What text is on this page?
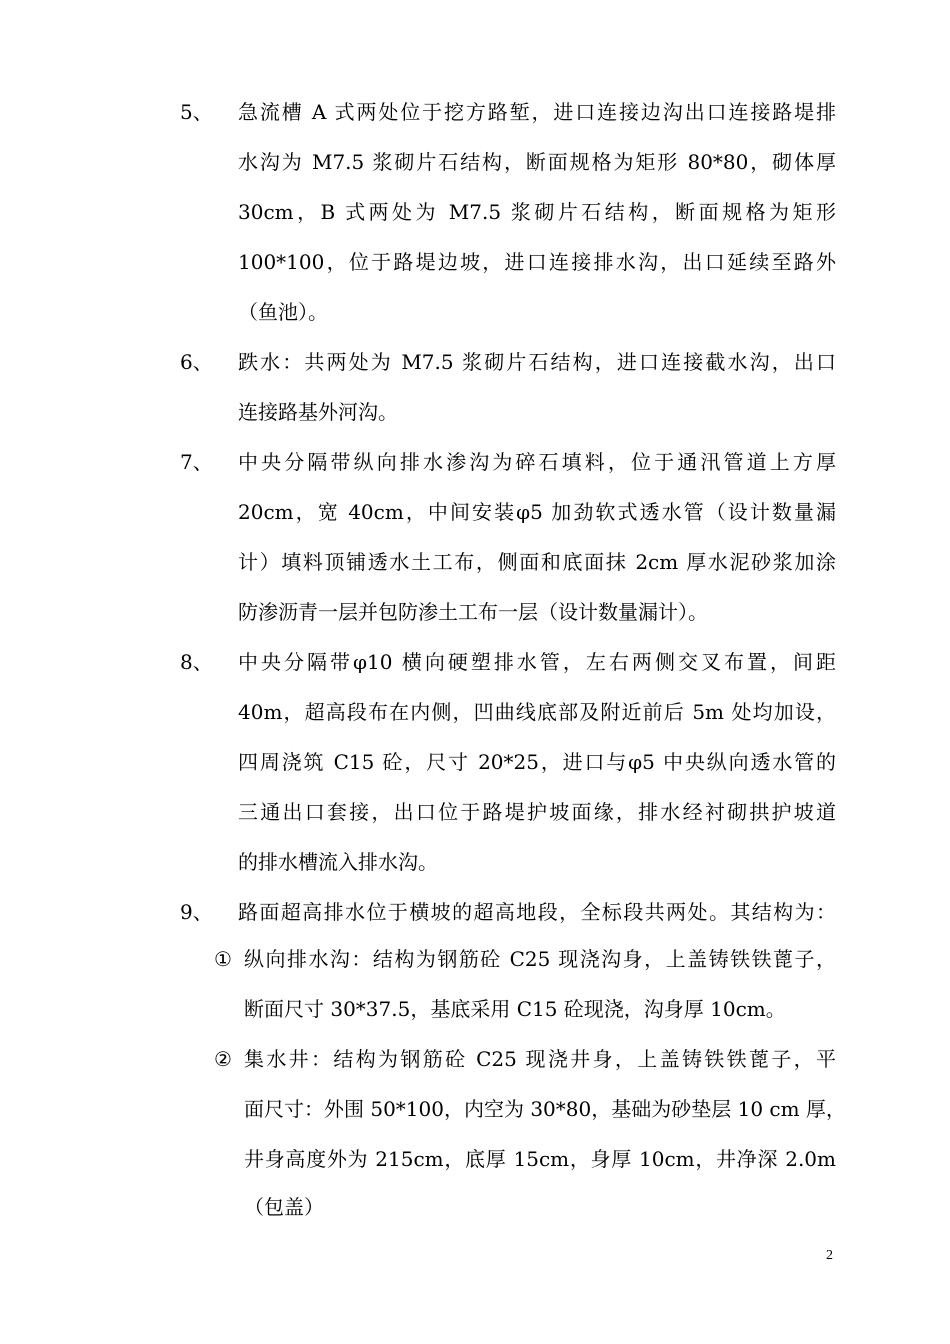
5、 急流槽 A 式两处位于挖方路堑，进口连接边沟出口连接路堤排
水沟为 M7.5 浆砌片石结构，断面规格为矩形 80*80，砌体厚
30cm，B 式两处为 M7.5 浆砌片石结构，断面规格为矩形
100*100，位于路堤边坡，进口连接排水沟，出口延续至路外
（鱼池）。
6、 跌水：共两处为 M7.5 浆砌片石结构，进口连接截水沟，出口
连接路基外河沟。
7、 中央分隔带纵向排水渗沟为碎石填料，位于通汛管道上方厚
20cm，宽 40cm，中间安装φ5 加劲软式透水管（设计数量漏
计）填料顶铺透水土工布，侧面和底面抹 2cm 厚水泥砂浆加涂
防渗沥青一层并包防渗土工布一层（设计数量漏计）。
8、 中央分隔带φ10 横向硬塑排水管，左右两侧交叉布置，间距
40m，超高段布在内侧，凹曲线底部及附近前后 5m 处均加设，
四周浇筑 C15 砼，尺寸 20*25，进口与φ5 中央纵向透水管的
三通出口套接，出口位于路堤护坡面缘，排水经衬砌拱护坡道
的排水槽流入排水沟。
9、 路面超高排水位于横坡的超高地段，全标段共两处。其结构为：
① 纵向排水沟：结构为钢筋砼 C25 现浇沟身，上盖铸铁铁蓖子，
断面尺寸 30*37.5，基底采用 C15 砼现浇，沟身厚 10cm。
② 集水井：结构为钢筋砼 C25 现浇井身，上盖铸铁铁蓖子，平
面尺寸：外围 50*100，内空为 30*80，基础为砂垫层 10 cm 厚，
井身高度外为 215cm，底厚 15cm，身厚 10cm，井净深 2.0m
（包盖）
2
